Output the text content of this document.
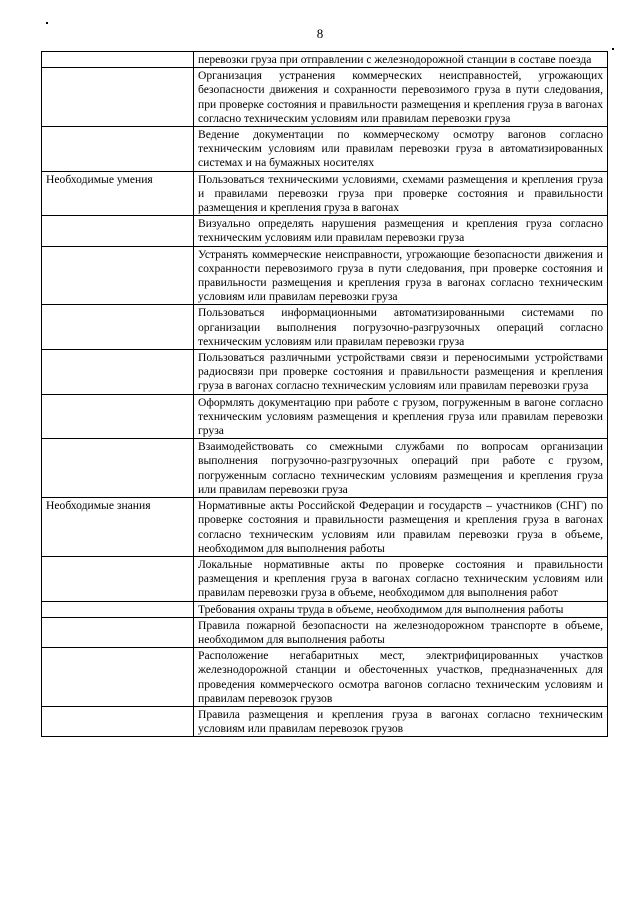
8
	перевозки груза при отправлении с железнодорожной станции в составе поезда
	Организация устранения коммерческих неисправностей, угрожающих безопасности движения и сохранности перевозимого груза в пути следования, при проверке состояния и правильности размещения и крепления груза в вагонах согласно техническим условиям или правилам перевозки груза
	Ведение документации по коммерческому осмотру вагонов согласно техническим условиям или правилам перевозки груза в автоматизированных системах и на бумажных носителях
Необходимые умения	Пользоваться техническими условиями, схемами размещения и крепления груза и правилами перевозки груза при проверке состояния и правильности размещения и крепления груза в вагонах
	Визуально определять нарушения размещения и крепления груза согласно техническим условиям или правилам перевозки груза
	Устранять коммерческие неисправности, угрожающие безопасности движения и сохранности перевозимого груза в пути следования, при проверке состояния и правильности размещения и крепления груза в вагонах согласно техническим условиям или правилам перевозки груза
	Пользоваться информационными автоматизированными системами по организации выполнения погрузочно-разгрузочных операций согласно техническим условиям или правилам перевозки груза
	Пользоваться различными устройствами связи и переносимыми устройствами радиосвязи при проверке состояния и правильности размещения и крепления груза в вагонах согласно техническим условиям или правилам перевозки груза
	Оформлять документацию при работе с грузом, погруженным в вагоне согласно техническим условиям размещения и крепления груза или правилам перевозки груза
	Взаимодействовать со смежными службами по вопросам организации выполнения погрузочно-разгрузочных операций при работе с грузом, погруженным согласно техническим условиям размещения и крепления груза или правилам перевозки груза
Необходимые знания	Нормативные акты Российской Федерации и государств – участников (СНГ) по проверке состояния и правильности размещения и крепления груза в вагонах согласно техническим условиям или правилам перевозки груза в объеме, необходимом для выполнения работы
	Локальные нормативные акты по проверке состояния и правильности размещения и крепления груза в вагонах согласно техническим условиям или правилам перевозки груза в объеме, необходимом для выполнения работ
	Требования охраны труда в объеме, необходимом для выполнения работы
	Правила пожарной безопасности на железнодорожном транспорте в объеме, необходимом для выполнения работы
	Расположение негабаритных мест, электрифицированных участков железнодорожной станции и обесточенных участков, предназначенных для проведения коммерческого осмотра вагонов согласно техническим условиям и правилам перевозок грузов
	Правила размещения и крепления груза в вагонах согласно техническим условиям или правилам перевозок грузов
